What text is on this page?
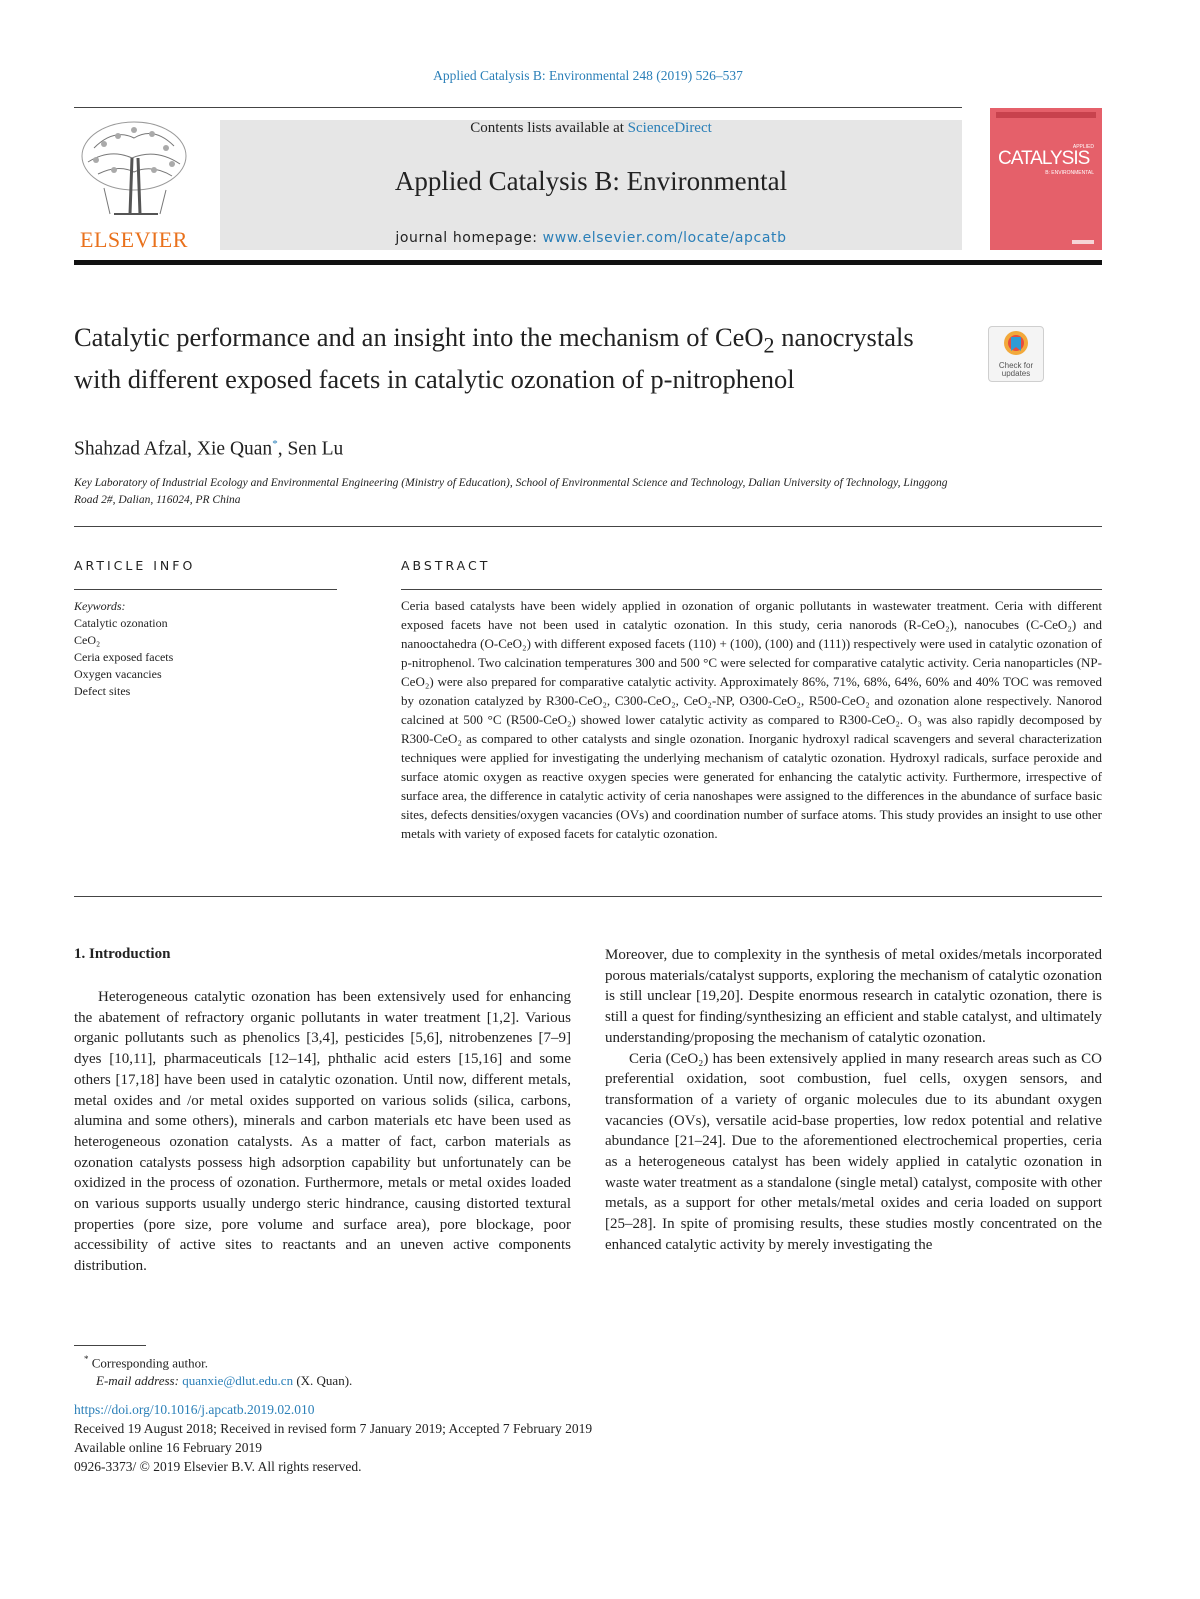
Applied Catalysis B: Environmental 248 (2019) 526–537
ELSEVIER
Contents lists available at ScienceDirect
Applied Catalysis B: Environmental
journal homepage: www.elsevier.com/locate/apcatb
APPLIED
CATALYSIS
B: ENVIRONMENTAL
Catalytic performance and an insight into the mechanism of CeO$_2$ nanocrystals with different exposed facets in catalytic ozonation of p-nitrophenol	Check for updates
Shahzad Afzal, Xie Quan*, Sen Lu
Key Laboratory of Industrial Ecology and Environmental Engineering (Ministry of Education), School of Environmental Science and Technology, Dalian University of Technology, Linggong Road 2#, Dalian, 116024, PR China
ARTICLE INFO	ABSTRACT
Keywords:
Catalytic ozonation
CeO₂
Ceria exposed facets
Oxygen vacancies
Defect sites
Ceria based catalysts have been widely applied in ozonation of organic pollutants in wastewater treatment. Ceria with different exposed facets have not been used in catalytic ozonation. In this study, ceria nanorods (R-CeO₂), nanocubes (C-CeO₂) and nanooctahedra (O-CeO₂) with different exposed facets (110) + (100), (100) and (111)) respectively were used in catalytic ozonation of p-nitrophenol. Two calcination temperatures 300 and 500 °C were selected for comparative catalytic activity. Ceria nanoparticles (NP-CeO₂) were also prepared for comparative catalytic activity. Approximately 86%, 71%, 68%, 64%, 60% and 40% TOC was removed by ozonation catalyzed by R300-CeO₂, C300-CeO₂, CeO₂-NP, O300-CeO₂, R500-CeO₂ and ozonation alone respectively. Nanorod calcined at 500 °C (R500-CeO₂) showed lower catalytic activity as compared to R300-CeO₂. O₃ was also rapidly decomposed by R300-CeO₂ as compared to other catalysts and single ozonation. Inorganic hydroxyl radical scavengers and several characterization techniques were applied for investigating the underlying mechanism of catalytic ozonation. Hydroxyl radicals, surface peroxide and surface atomic oxygen as reactive oxygen species were generated for enhancing the catalytic activity. Furthermore, irrespective of surface area, the difference in catalytic activity of ceria nanoshapes were assigned to the differences in the abundance of surface basic sites, defects densities/oxygen vacancies (OVs) and coordination number of surface atoms. This study provides an insight to use other metals with variety of exposed facets for catalytic ozonation.
1. Introduction
Heterogeneous catalytic ozonation has been extensively used for enhancing the abatement of refractory organic pollutants in water treatment [1,2]. Various organic pollutants such as phenolics [3,4], pesticides [5,6], nitrobenzenes [7–9] dyes [10,11], pharmaceuticals [12–14], phthalic acid esters [15,16] and some others [17,18] have been used in catalytic ozonation. Until now, different metals, metal oxides and /or metal oxides supported on various solids (silica, carbons, alumina and some others), minerals and carbon materials etc have been used as heterogeneous ozonation catalysts. As a matter of fact, carbon materials as ozonation catalysts possess high adsorption capability but unfortunately can be oxidized in the process of ozonation. Furthermore, metals or metal oxides loaded on various supports usually undergo steric hindrance, causing distorted textural properties (pore size, pore volume and surface area), pore blockage, poor accessibility of active sites to reactants and an uneven active components distribution.

Moreover, due to complexity in the synthesis of metal oxides/metals incorporated porous materials/catalyst supports, exploring the mechanism of catalytic ozonation is still unclear [19,20]. Despite enormous research in catalytic ozonation, there is still a quest for finding/synthesizing an efficient and stable catalyst, and ultimately understanding/proposing the mechanism of catalytic ozonation.

Ceria (CeO₂) has been extensively applied in many research areas such as CO preferential oxidation, soot combustion, fuel cells, oxygen sensors, and transformation of a variety of organic molecules due to its abundant oxygen vacancies (OVs), versatile acid-base properties, low redox potential and relative abundance [21–24]. Due to the aforementioned electrochemical properties, ceria as a heterogeneous catalyst has been widely applied in catalytic ozonation in waste water treatment as a standalone (single metal) catalyst, composite with other metals, as a support for other metals/metal oxides and ceria loaded on support [25–28]. In spite of promising results, these studies mostly concentrated on the enhanced catalytic activity by merely investigating the

* Corresponding author.
E-mail address: quanxie@dlut.edu.cn (X. Quan).
https://doi.org/10.1016/j.apcatb.2019.02.010
Received 19 August 2018; Received in revised form 7 January 2019; Accepted 7 February 2019
Available online 16 February 2019
0926-3373/ © 2019 Elsevier B.V. All rights reserved.
